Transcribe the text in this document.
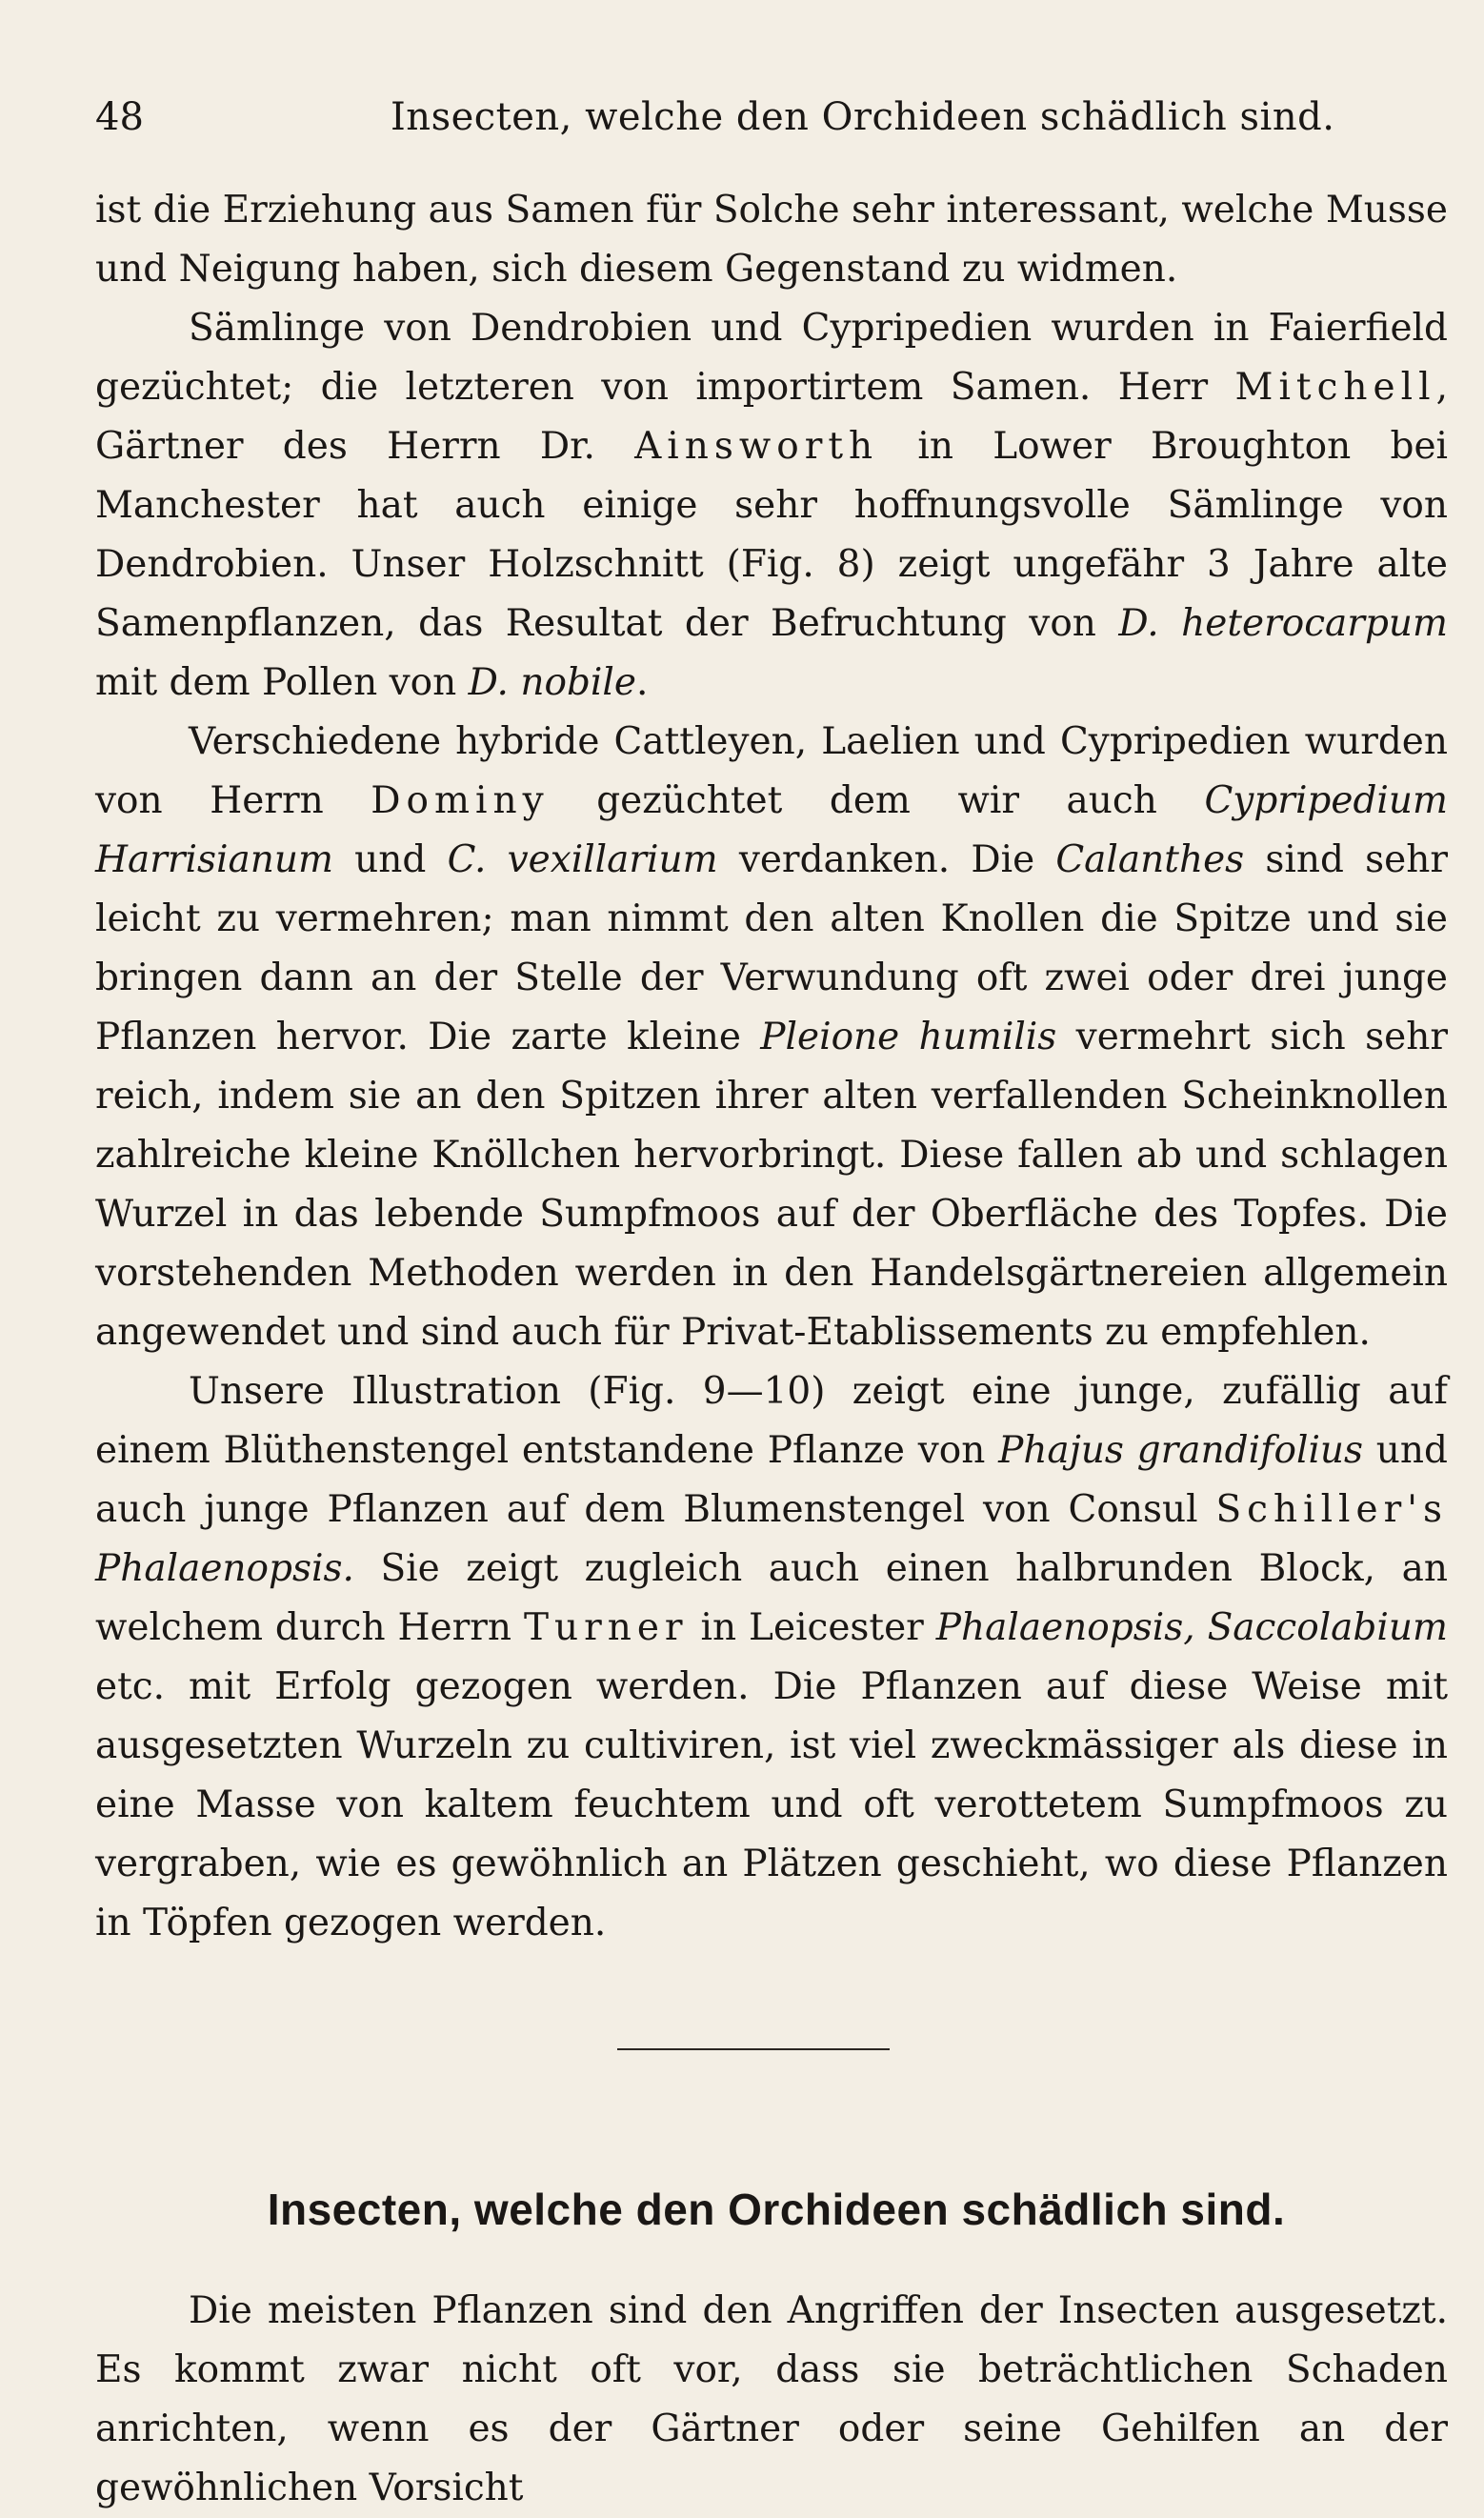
48	Insecten, welche den Orchideen schädlich sind.

ist die Erziehung aus Samen für Solche sehr interessant, welche Musse und Neigung haben, sich diesem Gegenstand zu widmen.

Sämlinge von Dendrobien und Cypripedien wurden in Faierfield gezüchtet; die letzteren von importirtem Samen. Herr Mitchell, Gärtner des Herrn Dr. Ainsworth in Lower Broughton bei Manchester hat auch einige sehr hoffnungsvolle Sämlinge von Dendrobien. Unser Holzschnitt (Fig. 8) zeigt ungefähr 3 Jahre alte Samenpflanzen, das Resultat der Befruchtung von D. heterocarpum mit dem Pollen von D. nobile.

Verschiedene hybride Cattleyen, Laelien und Cypripedien wurden von Herrn Dominy gezüchtet dem wir auch Cypripedium Harrisianum und C. vexillarium verdanken. Die Calanthes sind sehr leicht zu vermehren; man nimmt den alten Knollen die Spitze und sie bringen dann an der Stelle der Verwundung oft zwei oder drei junge Pflanzen hervor. Die zarte kleine Pleione humilis vermehrt sich sehr reich, indem sie an den Spitzen ihrer alten verfallenden Scheinknollen zahlreiche kleine Knöllchen hervorbringt. Diese fallen ab und schlagen Wurzel in das lebende Sumpfmoos auf der Oberfläche des Topfes. Die vorstehenden Methoden werden in den Handelsgärtnereien allgemein angewendet und sind auch für Privat-Etablissements zu empfehlen.

Unsere Illustration (Fig. 9—10) zeigt eine junge, zufällig auf einem Blüthenstengel entstandene Pflanze von Phajus grandifolius und auch junge Pflanzen auf dem Blumenstengel von Consul Schiller's Phalaenopsis. Sie zeigt zugleich auch einen halbrunden Block, an welchem durch Herrn Turner in Leicester Phalaenopsis, Saccolabium etc. mit Erfolg gezogen werden. Die Pflanzen auf diese Weise mit ausgesetzten Wurzeln zu cultiviren, ist viel zweckmässiger als diese in eine Masse von kaltem feuchtem und oft verottetem Sumpfmoos zu vergraben, wie es gewöhnlich an Plätzen geschieht, wo diese Pflanzen in Töpfen gezogen werden.

Insecten, welche den Orchideen schädlich sind.

Die meisten Pflanzen sind den Angriffen der Insecten ausgesetzt. Es kommt zwar nicht oft vor, dass sie beträchtlichen Schaden anrichten, wenn es der Gärtner oder seine Gehilfen an der gewöhnlichen Vorsicht
